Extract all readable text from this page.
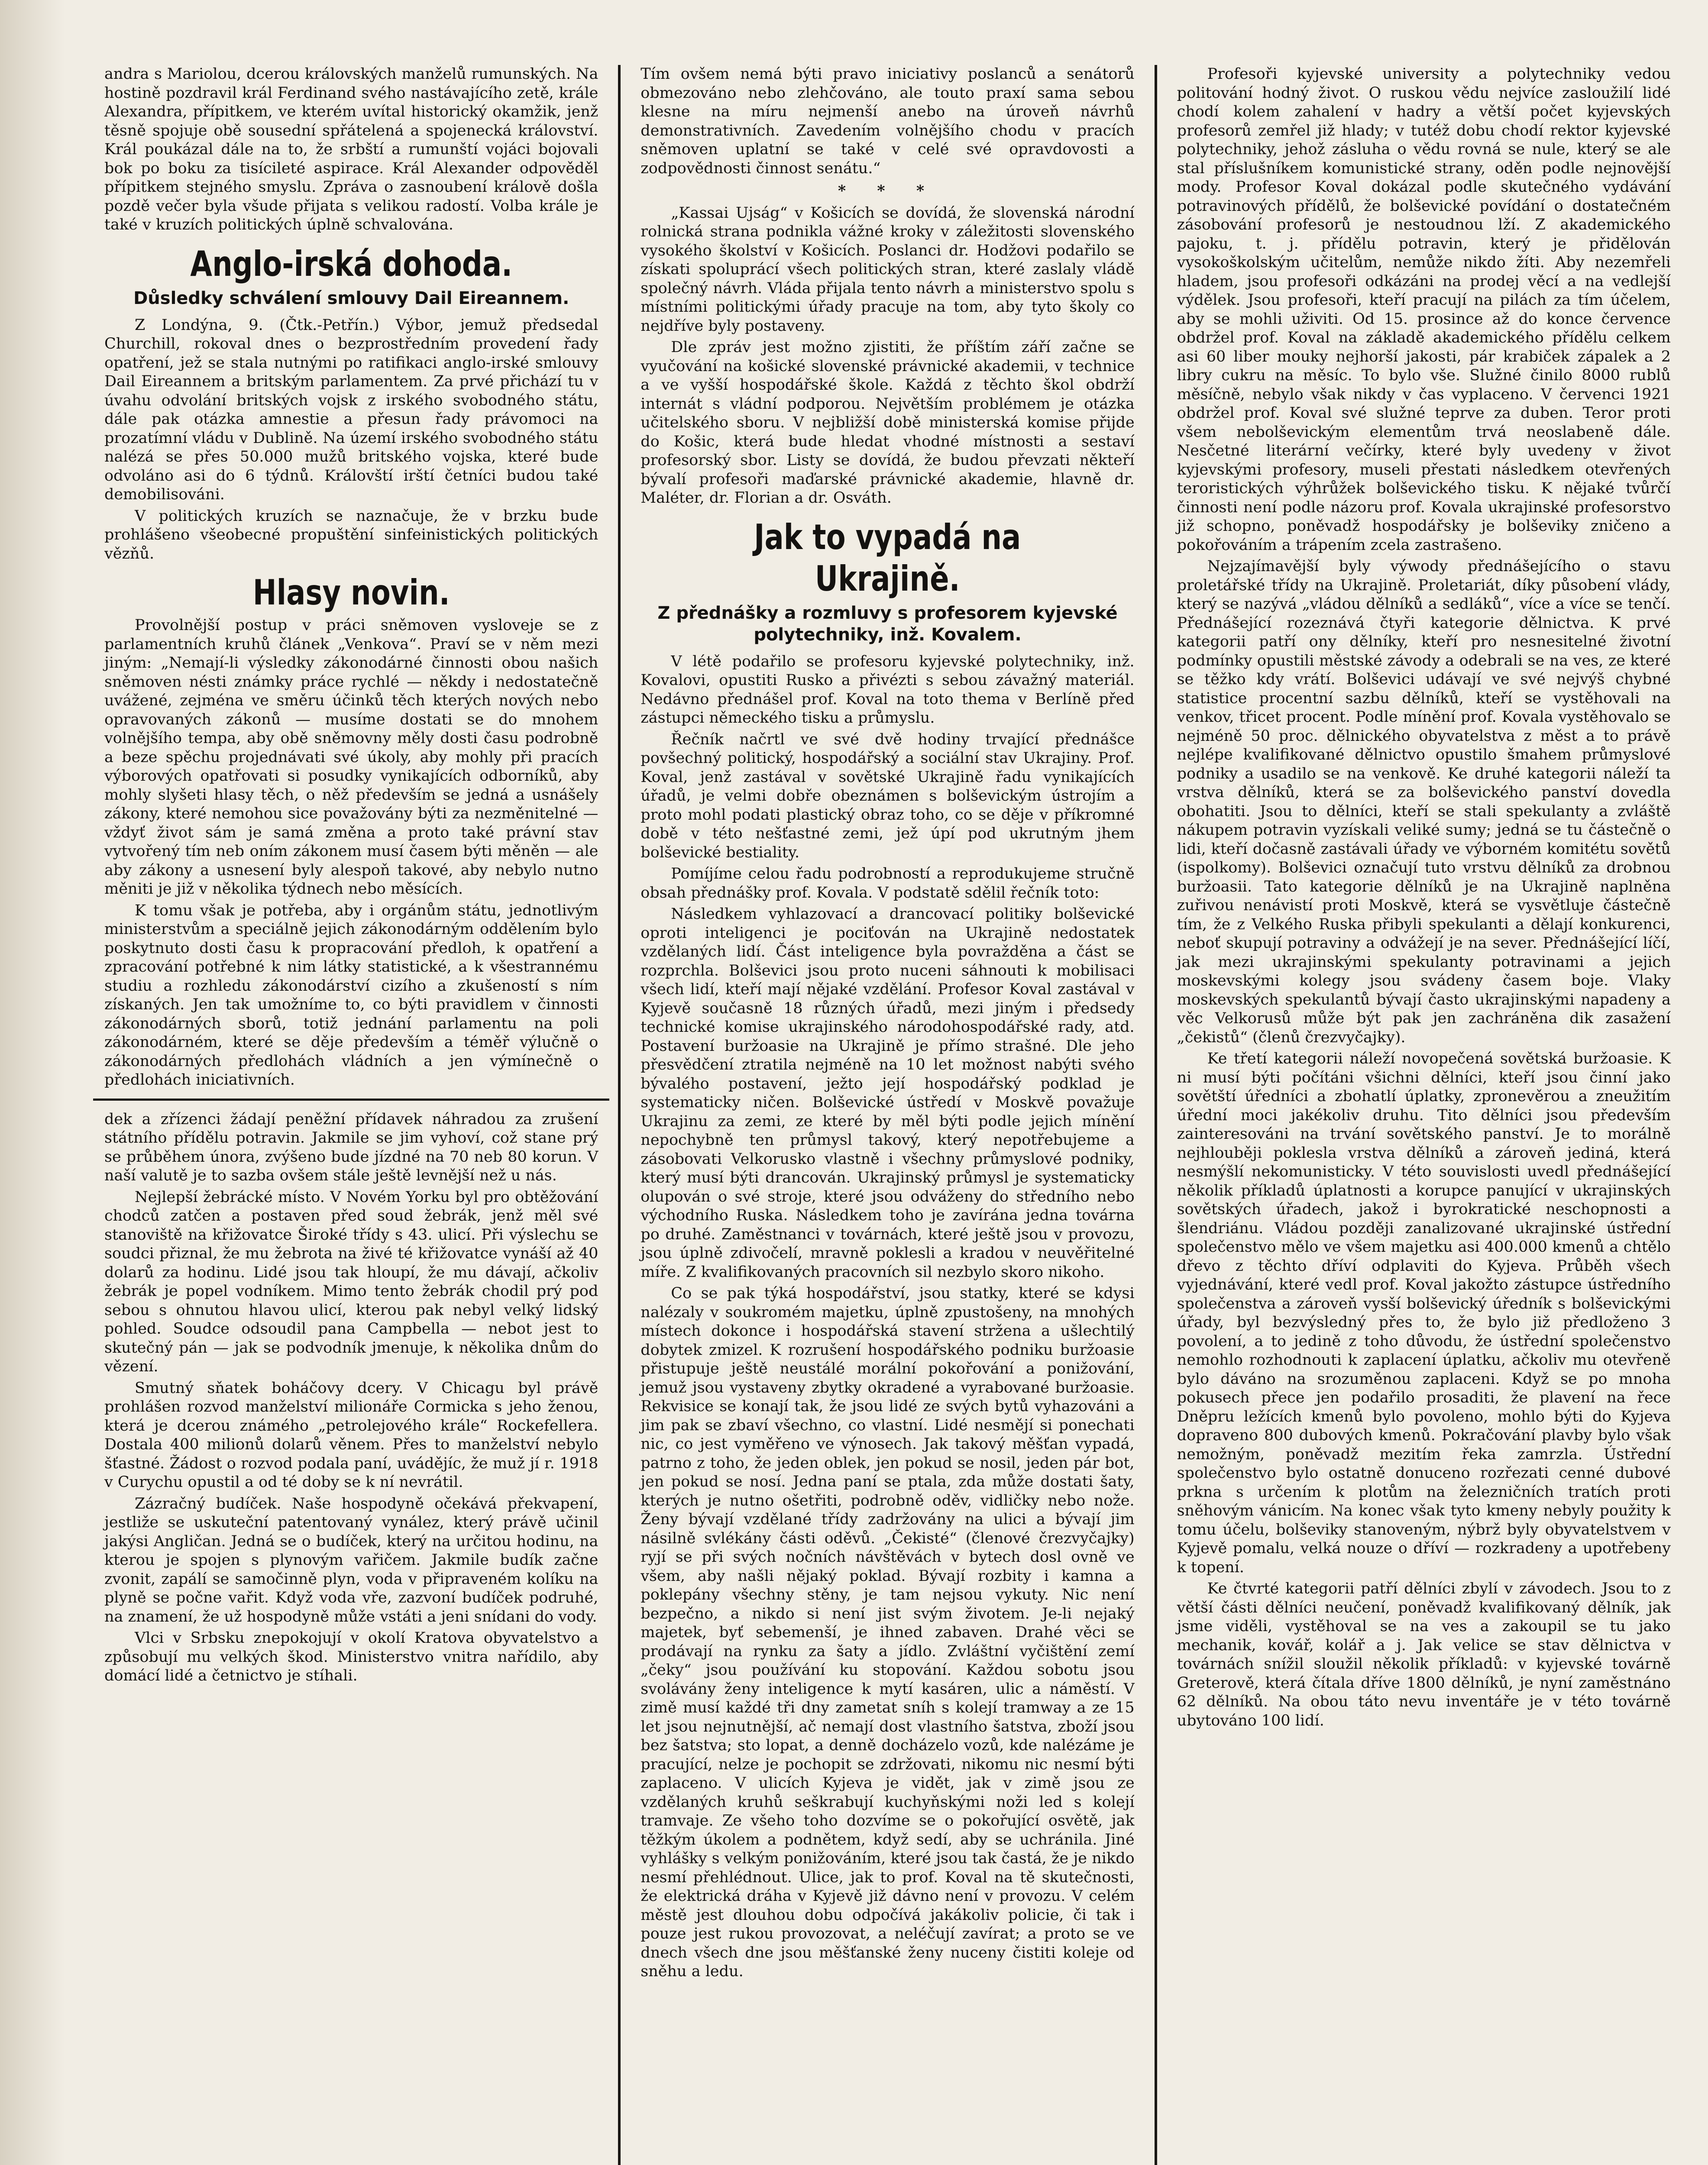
andra s Mariolou, dcerou královských manželů rumunských. Na hostině pozdravil král Ferdinand svého nastávajícího zetě, krále Alexandra, přípitkem, ve kterém uvítal historický okamžik, jenž těsně spojuje obě sousední spřátelená a spojenecká království. Král poukázal dále na to, že srbští a rumunští vojáci bojovali bok po boku za tisícileté aspirace. Král Alexander odpověděl přípitkem stejného smyslu. Zpráva o zasnoubení králově došla pozdě večer byla všude přijata s velikou radostí. Volba krále je také v kruzích politických úplně schvalována.

Anglo-irská dohoda.
Důsledky schválení smlouvy Dail Eireannem.

Z Londýna, 9. (Čtk.-Petřín.) Výbor, jemuž předsedal Churchill, rokoval dnes o bezprostředním provedení řady opatření, jež se stala nutnými po ratifikaci anglo-irské smlouvy Dail Eireannem a britským parlamentem. Za prvé přichází tu v úvahu odvolání britských vojsk z irského svobodného státu, dále pak otázka amnestie a přesun řady právomoci na prozatímní vládu v Dublině. Na území irského svobodného státu nalézá se přes 50.000 mužů britského vojska, které bude odvoláno asi do 6 týdnů. Královští irští četníci budou také demobilisováni.

V politických kruzích se naznačuje, že v brzku bude prohlášeno všeobecné propuštění sinfeinistických politických vězňů.

Hlasy novin.

Provolnější postup v práci sněmoven vysloveje se z parlamentních kruhů článek „Venkova“. Praví se v něm mezi jiným: „Nemají-li výsledky zákonodárné činnosti obou našich sněmoven nésti známky práce rychlé — někdy i nedostatečně uvážené, zejména ve směru účinků těch kterých nových nebo opravovaných zákonů — musíme dostati se do mnohem volnějšího tempa, aby obě sněmovny měly dosti času podrobně a beze spěchu projednávati své úkoly, aby mohly při pracích výborových opatřovati si posudky vynikajících odborníků, aby mohly slyšeti hlasy těch, o něž především se jedná a usnášely zákony, které nemohou sice považovány býti za nezměnitelné — vždyť život sám je samá změna a proto také právní stav vytvořený tím neb oním zákonem musí časem býti měněn — ale aby zákony a usnesení byly alespoň takové, aby nebylo nutno měniti je již v několika týdnech nebo měsících.

K tomu však je potřeba, aby i orgánům státu, jednotlivým ministerstvům a speciálně jejich zákonodárným oddělením bylo poskytnuto dosti času k propracování předloh, k opatření a zpracování potřebné k nim látky statistické, a k všestrannému studiu a rozhledu zákonodárství cizího a zkušeností s ním získaných. Jen tak umožníme to, co býti pravidlem v činnosti zákonodárných sborů, totiž jednání parlamentu na poli zákonodárném, které se děje především a téměř výlučně o zákonodárných předlohách vládních a jen výmínečně o předlohách iniciativních.

dek a zřízenci žádají peněžní přídavek náhradou za zrušení státního přídělu potravin. Jakmile se jim vyhoví, což stane prý se průběhem února, zvýšeno bude jízdné na 70 neb 80 korun. V naší valutě je to sazba ovšem stále ještě levnější než u nás.

Nejlepší žebrácké místo. V Novém Yorku byl pro obtěžování chodců zatčen a postaven před soud žebrák, jenž měl své stanoviště na křižovatce Široké třídy s 43. ulicí. Při výslechu se soudci přiznal, že mu žebrota na živé té křižovatce vynáší až 40 dolarů za hodinu. Lidé jsou tak hloupí, že mu dávají, ačkoliv žebrák je popel vodníkem. Mimo tento žebrák chodil prý pod sebou s ohnutou hlavou ulicí, kterou pak nebyl velký lidský pohled. Soudce odsoudil pana Campbella — nebot jest to skutečný pán — jak se podvodník jmenuje, k několika dnům do vězení.

Smutný sňatek boháčovy dcery. V Chicagu byl právě prohlášen rozvod manželství milionáře Cormicka s jeho ženou, která je dcerou známého „petrolejového krále“ Rockefellera. Dostala 400 milionů dolarů věnem. Přes to manželství nebylo šťastné. Žádost o rozvod podala paní, uvádějíc, že muž jí r. 1918 v Curychu opustil a od té doby se k ní nevrátil.

Zázračný budíček. Naše hospodyně očekává překvapení, jestliže se uskuteční patentovaný vynález, který právě učinil jakýsi Angličan. Jedná se o budíček, který na určitou hodinu, na kterou je spojen s plynovým vařičem. Jakmile budík začne zvonit, zapálí se samočinně plyn, voda v připraveném kolíku na plyně se počne vařit. Když voda vře, zazvoní budíček podruhé, na znamení, že už hospodyně může vstáti a jeni snídani do vody.

Vlci v Srbsku znepokojují v okolí Kratova obyvatelstvo a způsobují mu velkých škod. Ministerstvo vnitra nařídilo, aby domácí lidé a četnictvo je stíhali.

Tím ovšem nemá býti pravo iniciativy poslanců a senátorů obmezováno nebo zlehčováno, ale touto praxí sama sebou klesne na míru nejmenší anebo na úroveň návrhů demonstrativních. Zavedením volnějšího chodu v pracích sněmoven uplatní se také v celé své opravdovosti a zodpovědnosti činnost senátu.“

* * *

„Kassai Ujság“ v Košicích se dovídá, že slovenská národní rolnická strana podnikla vážné kroky v záležitosti slovenského vysokého školství v Košicích. Poslanci dr. Hodžovi podařilo se získati spoluprácí všech politických stran, které zaslaly vládě společný návrh. Vláda přijala tento návrh a ministerstvo spolu s místními politickými úřady pracuje na tom, aby tyto školy co nejdříve byly postaveny.

Dle zpráv jest možno zjistiti, že příštím září začne se vyučování na košické slovenské právnické akademii, v technice a ve vyšší hospodářské škole. Každá z těchto škol obdrží internát s vládní podporou. Největším problémem je otázka učitelského sboru. V nejbližší době ministerská komise přijde do Košic, která bude hledat vhodné místnosti a sestaví profesorský sbor. Listy se dovídá, že budou převzati někteří bývalí profesoři maďarské právnické akademie, hlavně dr. Maléter, dr. Florian a dr. Osváth.

Jak to vypadá na Ukrajině.
Z přednášky a rozmluvy s profesorem kyjevské polytechniky, inž. Kovalem.

V létě podařilo se profesoru kyjevské polytechniky, inž. Kovalovi, opustiti Rusko a přivézti s sebou závažný materiál. Nedávno přednášel prof. Koval na toto thema v Berlíně před zástupci německého tisku a průmyslu.

Řečník načrtl ve své dvě hodiny trvající přednášce povšechný politický, hospodářský a sociální stav Ukrajiny. Prof. Koval, jenž zastával v sovětské Ukrajině řadu vynikajících úřadů, je velmi dobře obeznámen s bolševickým ústrojím a proto mohl podati plastický obraz toho, co se děje v příkromné době v této nešťastné zemi, jež úpí pod ukrutným jhem bolševické bestiality.

Pomíjíme celou řadu podrobností a reprodukujeme stručně obsah přednášky prof. Kovala. V podstatě sdělil řečník toto:

Následkem vyhlazovací a drancovací politiky bolševické oproti inteligenci je pociťován na Ukrajině nedostatek vzdělaných lidí. Část inteligence byla povražděna a část se rozprchla. Bolševici jsou proto nuceni sáhnouti k mobilisaci všech lidí, kteří mají nějaké vzdělání. Profesor Koval zastával v Kyjevě současně 18 různých úřadů, mezi jiným i předsedy technické komise ukrajinského národohospodářské rady, atd. Postavení buržoasie na Ukrajině je přímo strašné. Dle jeho přesvědčení ztratila nejméně na 10 let možnost nabýti svého bývalého postavení, ježto její hospodářský podklad je systematicky ničen. Bolševické ústředí v Moskvě považuje Ukrajinu za zemi, ze které by měl býti podle jejich mínění nepochybně ten průmysl takový, který nepotřebujeme a zásobovati Velkorusko vlastně i všechny průmyslové podniky, který musí býti drancován. Ukrajinský průmysl je systematicky olupován o své stroje, které jsou odváženy do středního nebo východního Ruska. Následkem toho je zavírána jedna továrna po druhé. Zaměstnanci v továrnách, které ještě jsou v provozu, jsou úplně zdivočelí, mravně poklesli a kradou v neuvěřitelné míře. Z kvalifikovaných pracovních sil nezbylo skoro nikoho.

Co se pak týká hospodářství, jsou statky, které se kdysi nalézaly v soukromém majetku, úplně zpustošeny, na mnohých místech dokonce i hospodářská stavení stržena a ušlechtilý dobytek zmizel. K rozrušení hospodářského podniku buržoasie přistupuje ještě neustálé morální pokořování a ponižování, jemuž jsou vystaveny zbytky okradené a vyrabované buržoasie. Rekvisice se konají tak, že jsou lidé ze svých bytů vyhazováni a jim pak se zbaví všechno, co vlastní. Lidé nesmějí si ponechati nic, co jest vyměřeno ve výnosech. Jak takový měšťan vypadá, patrno z toho, že jeden oblek, jen pokud se nosil, jeden pár bot, jen pokud se nosí. Jedna paní se ptala, zda může dostati šaty, kterých je nutno ošetřiti, podrobně oděv, vidličky nebo nože. Ženy bývají vzdělané třídy zadržovány na ulici a bývají jim násilně svlékány části oděvů. „Čekisté“ (členové črezvyčajky) ryjí se při svých nočních návštěvách v bytech dosl ovně ve všem, aby našli nějaký poklad. Bývají rozbity i kamna a poklepány všechny stěny, je tam nejsou vykuty. Nic není bezpečno, a nikdo si není jist svým životem. Je-li nejaký majetek, byť sebemenší, je ihned zabaven. Drahé věci se prodávají na rynku za šaty a jídlo. Zvláštní vyčištění zemí „čeky“ jsou používání ku stopování. Každou sobotu jsou svolávány ženy inteligence k mytí kasáren, ulic a náměstí. V zimě musí každé tři dny zametat sníh s kolejí tramway a ze 15 let jsou nejnutnější, ač nemají dost vlastního šatstva, zboží jsou bez šatstva; sto lopat, a denně docházelo vozů, kde nalézáme je pracující, nelze je pochopit se zdržovati, nikomu nic nesmí býti zaplaceno. V ulicích Kyjeva je vidět, jak v zimě jsou ze vzdělaných kruhů seškrabují kuchyňskými noži led s kolejí tramvaje. Ze všeho toho dozvíme se o pokořující osvětě, jak těžkým úkolem a podnětem, když sedí, aby se uchránila. Jiné vyhlášky s velkým ponižováním, které jsou tak častá, že je nikdo nesmí přehlédnout. Ulice, jak to prof. Koval na tě skutečnosti, že elektrická dráha v Kyjevě již dávno není v provozu. V celém městě jest dlouhou dobu odpočívá jakákoliv policie, či tak i pouze jest rukou provozovat, a neléčují zavírat; a proto se ve dnech všech dne jsou měšťanské ženy nuceny čistiti koleje od sněhu a ledu.

Profesoři kyjevské university a polytechniky vedou politování hodný život. O ruskou vědu nejvíce zasloužilí lidé chodí kolem zahalení v hadry a větší počet kyjevských profesorů zemřel již hlady; v tutéž dobu chodí rektor kyjevské polytechniky, jehož zásluha o vědu rovná se nule, který se ale stal příslušníkem komunistické strany, oděn podle nejnovější mody. Profesor Koval dokázal podle skutečného vydávání potravinových přídělů, že bolševické povídání o dostatečném zásobování profesorů je nestoudnou lží. Z akademického pajoku, t. j. přídělu potravin, který je přidělován vysokoškolským učitelům, nemůže nikdo žíti. Aby nezemřeli hladem, jsou profesoři odkázáni na prodej věcí a na vedlejší výdělek. Jsou profesoři, kteří pracují na pilách za tím účelem, aby se mohli uživiti. Od 15. prosince až do konce července obdržel prof. Koval na základě akademického přídělu celkem asi 60 liber mouky nejhorší jakosti, pár krabiček zápalek a 2 libry cukru na měsíc. To bylo vše. Služné činilo 8000 rublů měsíčně, nebylo však nikdy v čas vyplaceno. V červenci 1921 obdržel prof. Koval své služné teprve za duben. Teror proti všem nebolševickým elementům trvá neoslabeně dále. Nesčetné literární večírky, které byly uvedeny v život kyjevskými profesory, museli přestati následkem otevřených teroristických výhrůžek bolševického tisku. K nějaké tvůrčí činnosti není podle názoru prof. Kovala ukrajinské profesorstvo již schopno, poněvadž hospodářsky je bolševiky zničeno a pokořováním a trápením zcela zastrašeno.

Nejzajímavější byly výwody přednášejícího o stavu proletářské třídy na Ukrajině. Proletariát, díky působení vlády, který se nazývá „vládou dělníků a sedláků“, více a více se tenčí. Přednášející rozeznává čtyři kategorie dělnictva. K prvé kategorii patří ony dělníky, kteří pro nesnesitelné životní podmínky opustili městské závody a odebrali se na ves, ze které se těžko kdy vrátí. Bolševici udávají ve své nejvýš chybné statistice procentní sazbu dělníků, kteří se vystěhovali na venkov, třicet procent. Podle mínění prof. Kovala vystěhovalo se nejméně 50 proc. dělnického obyvatelstva z měst a to právě nejlépe kvalifikované dělnictvo opustilo šmahem průmyslové podniky a usadilo se na venkově. Ke druhé kategorii náleží ta vrstva dělníků, která se za bolševického panství dovedla obohatiti. Jsou to dělníci, kteří se stali spekulanty a zvláště nákupem potravin vyzískali veliké sumy; jedná se tu částečně o lidi, kteří dočasně zastávali úřady ve výborném komitétu sovětů (ispolkomy). Bolševici označují tuto vrstvu dělníků za drobnou buržoasii. Tato kategorie dělníků je na Ukrajině naplněna zuřivou nenávistí proti Moskvě, která se vysvětluje částečně tím, že z Velkého Ruska přibyli spekulanti a dělají konkurenci, neboť skupují potraviny a odvážejí je na sever. Přednášející líčí, jak mezi ukrajinskými spekulanty potravinami a jejich moskevskými kolegy jsou svádeny časem boje. Vlaky moskevských spekulantů bývají často ukrajinskými napadeny a věc Velkorusů může být pak jen zachráněna dik zasažení „čekistů“ (členů črezvyčajky).

Ke třetí kategorii náleží novopečená sovětská buržoasie. K ni musí býti počítáni všichni dělníci, kteří jsou činní jako sovětští úředníci a zbohatlí úplatky, zpronevěrou a zneužitím úřední moci jakékoliv druhu. Tito dělníci jsou především zainteresováni na trvání sovětského panství. Je to morálně nejhlouběji poklesla vrstva dělníků a zároveň jediná, která nesmýšlí nekomunisticky. V této souvislosti uvedl přednášející několik příkladů úplatnosti a korupce panující v ukrajinských sovětských úřadech, jakož i byrokratické neschopnosti a šlendriánu. Vládou později zanalizované ukrajinské ústřední společenstvo mělo ve všem majetku asi 400.000 kmenů a chtělo dřevo z těchto dříví odplaviti do Kyjeva. Průběh všech vyjednávání, které vedl prof. Koval jakožto zástupce ústředního společenstva a zároveň vysší bolševický úředník s bolševickými úřady, byl bezvýsledný přes to, že bylo již předloženo 3 povolení, a to jedině z toho důvodu, že ústřední společenstvo nemohlo rozhodnouti k zaplacení úplatku, ačkoliv mu otevřeně bylo dáváno na srozuměnou zaplaceni. Když se po mnoha pokusech přece jen podařilo prosaditi, že plavení na řece Dněpru ležících kmenů bylo povoleno, mohlo býti do Kyjeva dopraveno 800 dubových kmenů. Pokračování plavby bylo však nemožným, poněvadž mezitím řeka zamrzla. Ústřední společenstvo bylo ostatně donuceno rozřezati cenné dubové prkna s určením k plotům na železničních tratích proti sněhovým vánicím. Na konec však tyto kmeny nebyly použity k tomu účelu, bolševiky stanoveným, nýbrž byly obyvatelstvem v Kyjevě pomalu, velká nouze o dříví — rozkradeny a upotřebeny k topení.

Ke čtvrté kategorii patří dělníci zbylí v závodech. Jsou to z větší části dělníci neučení, poněvadž kvalifikovaný dělník, jak jsme viděli, vystěhoval se na ves a zakoupil se tu jako mechanik, kovář, kolář a j. Jak velice se stav dělnictva v továrnách snížil sloužil několik příkladů: v kyjevské továrně Greterově, která čítala dříve 1800 dělníků, je nyní zaměstnáno 62 dělníků. Na obou táto nevu inventáře je v této továrně ubytováno 100 lidí.
